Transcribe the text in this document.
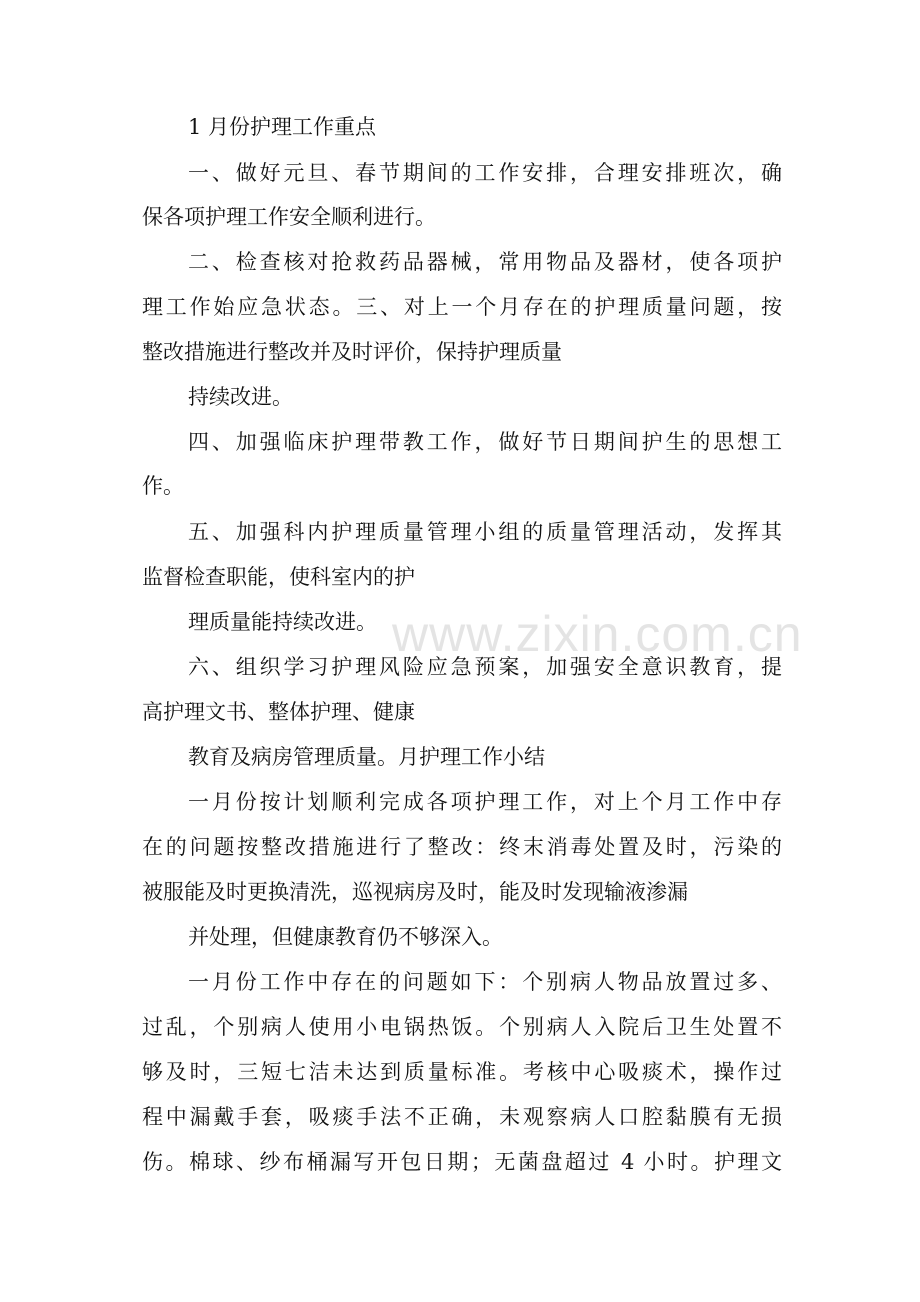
1 月份护理工作重点
一、做好元旦、春节期间的工作安排，合理安排班次，确
保各项护理工作安全顺利进行。
二、检查核对抢救药品器械，常用物品及器材，使各项护
理工作始应急状态。三、对上一个月存在的护理质量问题，按
整改措施进行整改并及时评价，保持护理质量
持续改进。
四、加强临床护理带教工作，做好节日期间护生的思想工
作。
五、加强科内护理质量管理小组的质量管理活动，发挥其
监督检查职能，使科室内的护
理质量能持续改进。
六、组织学习护理风险应急预案，加强安全意识教育，提
高护理文书、整体护理、健康
教育及病房管理质量。月护理工作小结
一月份按计划顺利完成各项护理工作，对上个月工作中存
在的问题按整改措施进行了整改：终末消毒处置及时，污染的
被服能及时更换清洗，巡视病房及时，能及时发现输液渗漏
并处理，但健康教育仍不够深入。
一月份工作中存在的问题如下：个别病人物品放置过多、
过乱，个别病人使用小电锅热饭。个别病人入院后卫生处置不
够及时，三短七洁未达到质量标准。考核中心吸痰术，操作过
程中漏戴手套，吸痰手法不正确，未观察病人口腔黏膜有无损
伤。棉球、纱布桶漏写开包日期；无菌盘超过 4 小时。护理文
www.zixin.com.cn
